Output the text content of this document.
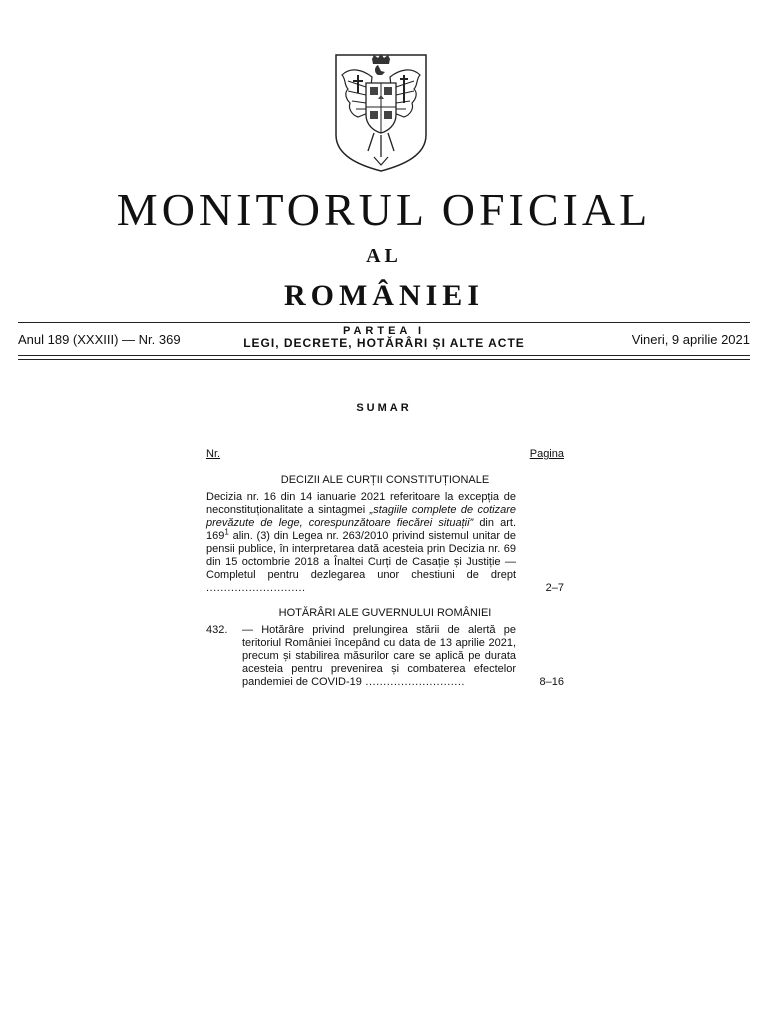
MONITORUL OFICIAL
AL
ROMÂNIEI
Anul 189 (XXXIII) — Nr. 369
PARTEA I
LEGI, DECRETE, HOTĂRÂRI ȘI ALTE ACTE	Vineri, 9 aprilie 2021
SUMAR
Nr.	Pagina
DECIZII ALE CURȚII CONSTITUȚIONALE
Decizia nr. 16 din 14 ianuarie 2021 referitoare la excepția de neconstituționalitate a sintagmei „stagiile complete de cotizare prevăzute de lege, corespunzătoare fiecărei situații” din art. $169^1$ alin. (3) din Legea nr. 263/2010 privind sistemul unitar de pensii publice, în interpretarea dată acesteia prin Decizia nr. 69 din 15 octombrie 2018 a Înaltei Curți de Casație și Justiție — Completul pentru dezlegarea unor chestiuni de drept ............................	2–7
HOTĂRÂRI ALE GUVERNULUI ROMÂNIEI
432.	— Hotărâre privind prelungirea stării de alertă pe teritoriul României începând cu data de 13 aprilie 2021, precum și stabilirea măsurilor care se aplică pe durata acesteia pentru prevenirea și combaterea efectelor pandemiei de COVID-19 ............................	8–16
